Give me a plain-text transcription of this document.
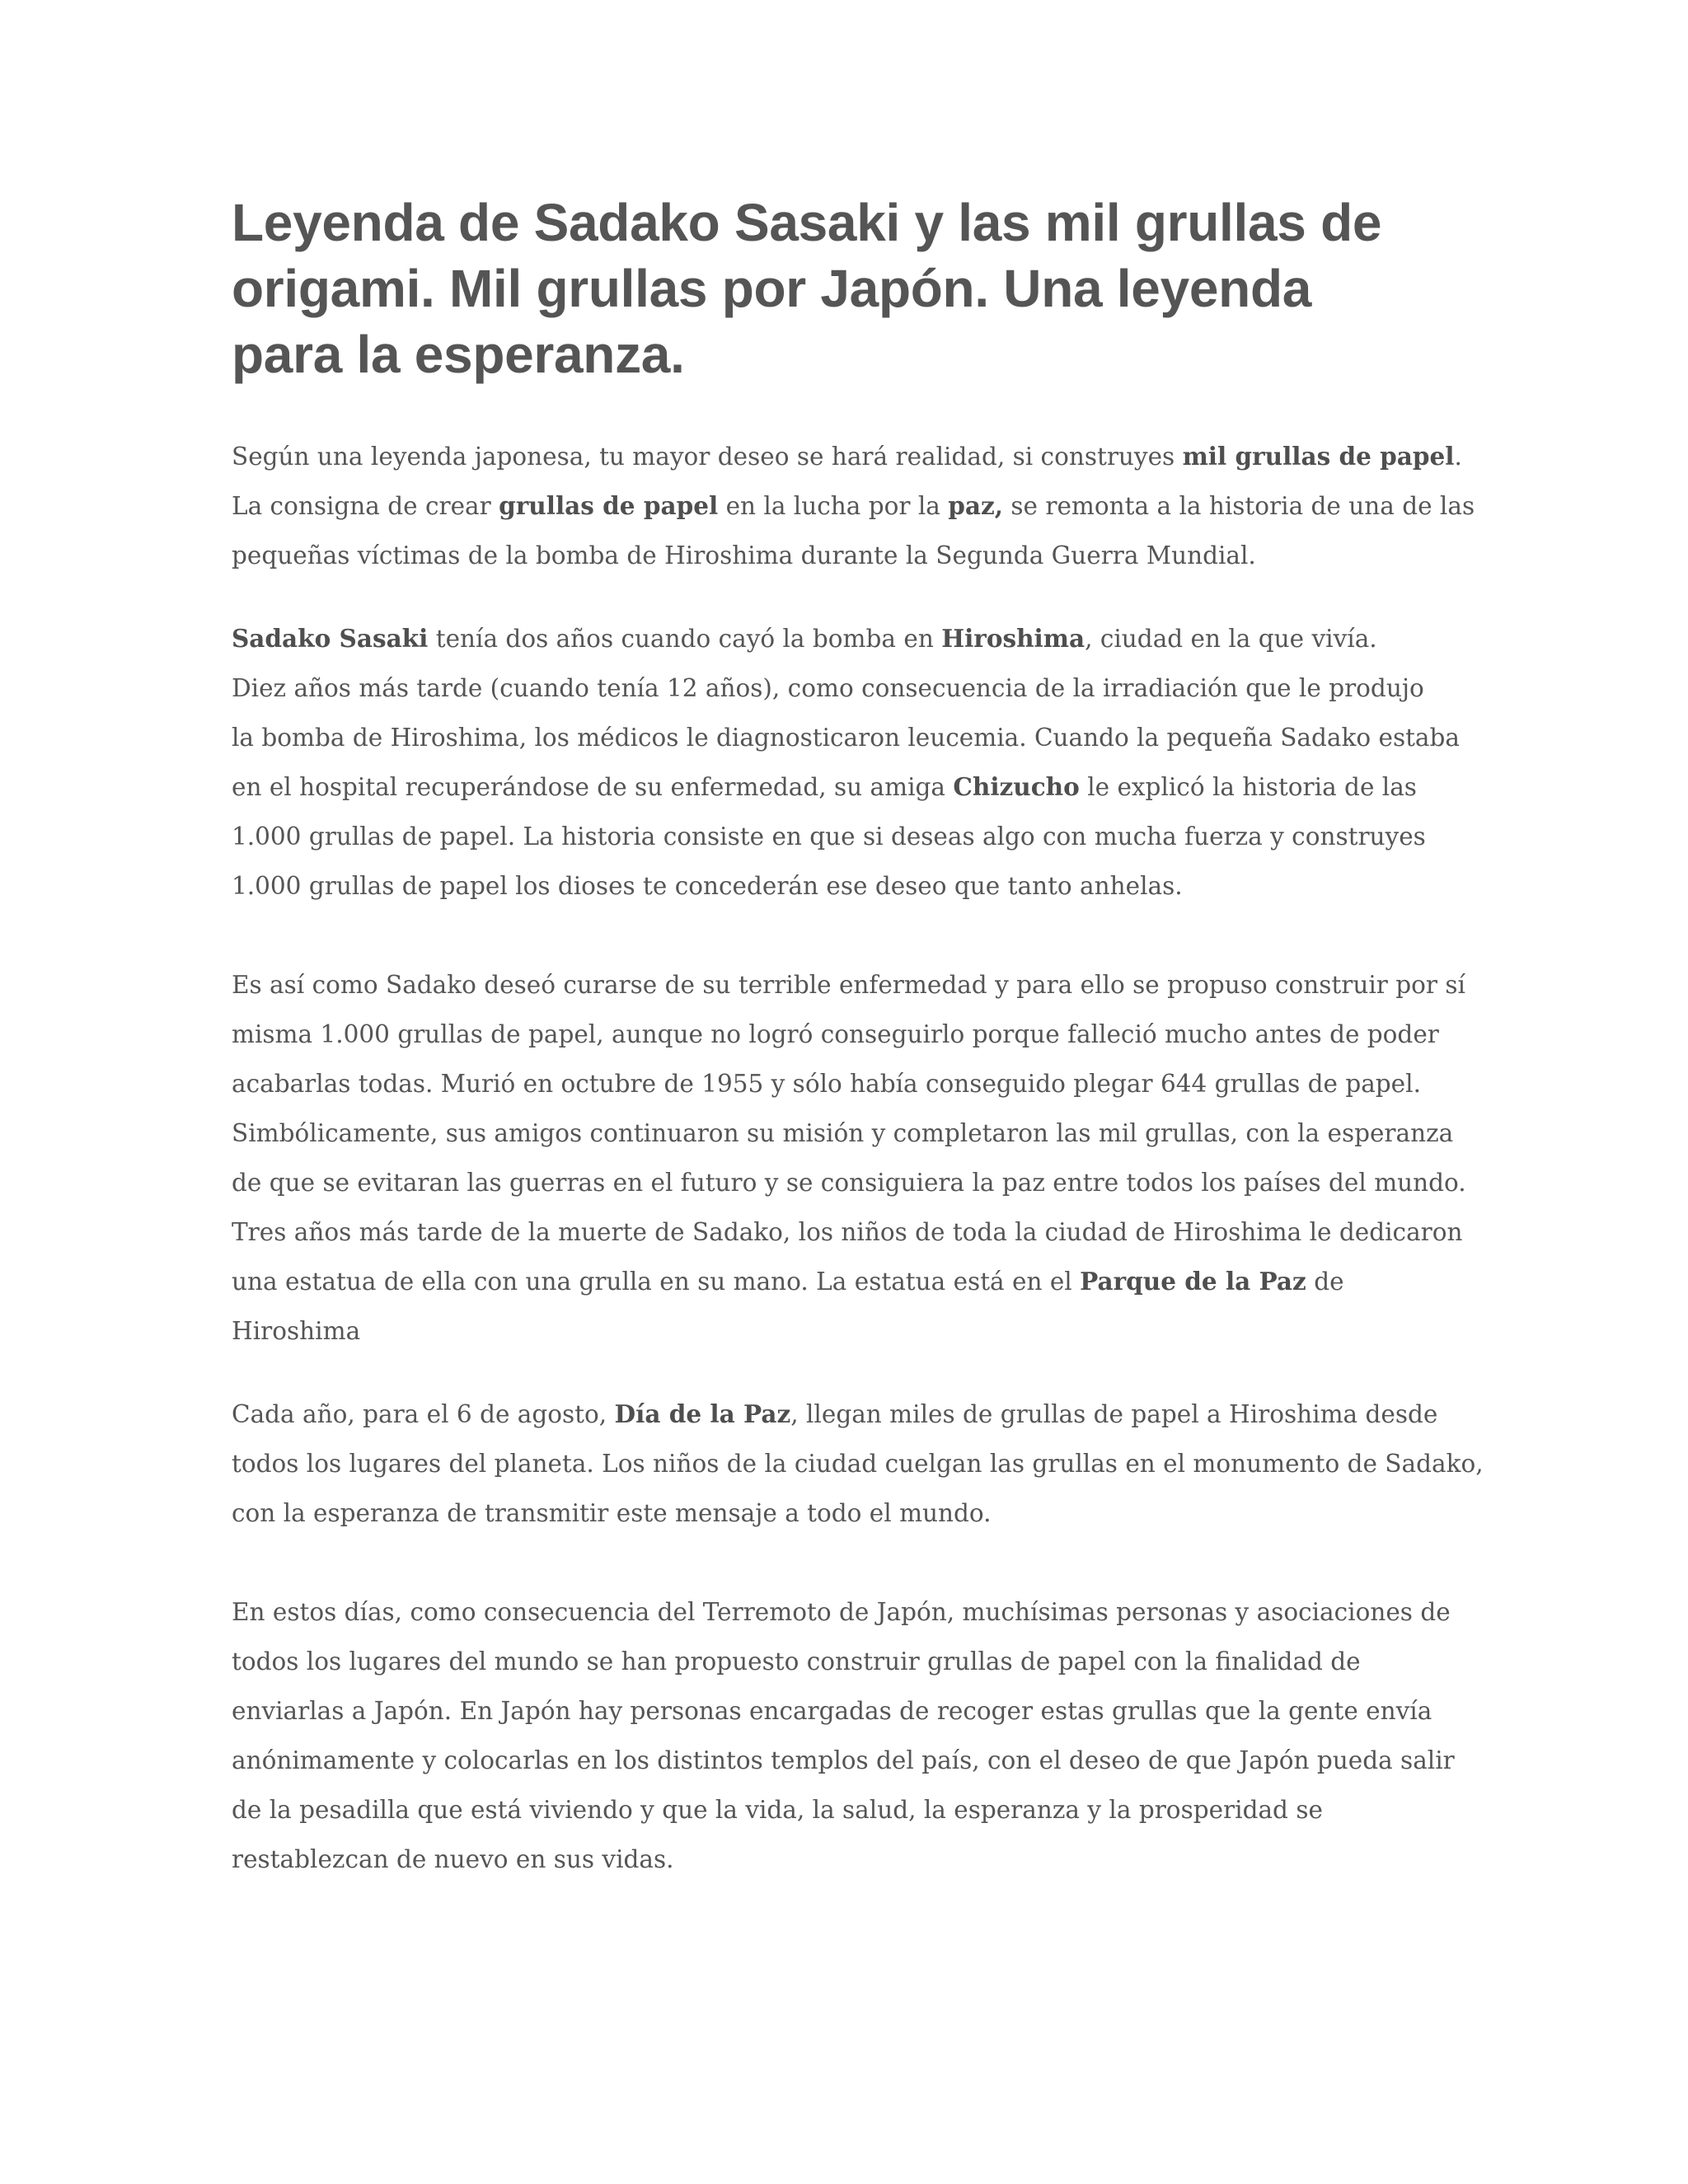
Leyenda de Sadako Sasaki y las mil grullas de
origami. Mil grullas por Japón. Una leyenda
para la esperanza.

Según una leyenda japonesa, tu mayor deseo se hará realidad, si construyes mil grullas de papel.
La consigna de crear grullas de papel en la lucha por la paz, se remonta a la historia de una de las
pequeñas víctimas de la bomba de Hiroshima durante la Segunda Guerra Mundial.

Sadako Sasaki tenía dos años cuando cayó la bomba en Hiroshima, ciudad en la que vivía.
Diez años más tarde (cuando tenía 12 años), como consecuencia de la irradiación que le produjo
la bomba de Hiroshima, los médicos le diagnosticaron leucemia. Cuando la pequeña Sadako estaba
en el hospital recuperándose de su enfermedad, su amiga Chizucho le explicó la historia de las
1.000 grullas de papel. La historia consiste en que si deseas algo con mucha fuerza y construyes
1.000 grullas de papel los dioses te concederán ese deseo que tanto anhelas.

Es así como Sadako deseó curarse de su terrible enfermedad y para ello se propuso construir por sí
misma 1.000 grullas de papel, aunque no logró conseguirlo porque falleció mucho antes de poder
acabarlas todas. Murió en octubre de 1955 y sólo había conseguido plegar 644 grullas de papel.
Simbólicamente, sus amigos continuaron su misión y completaron las mil grullas, con la esperanza
de que se evitaran las guerras en el futuro y se consiguiera la paz entre todos los países del mundo.
Tres años más tarde de la muerte de Sadako, los niños de toda la ciudad de Hiroshima le dedicaron
una estatua de ella con una grulla en su mano. La estatua está en el Parque de la Paz de
Hiroshima

Cada año, para el 6 de agosto, Día de la Paz, llegan miles de grullas de papel a Hiroshima desde
todos los lugares del planeta. Los niños de la ciudad cuelgan las grullas en el monumento de Sadako,
con la esperanza de transmitir este mensaje a todo el mundo.

En estos días, como consecuencia del Terremoto de Japón, muchísimas personas y asociaciones de
todos los lugares del mundo se han propuesto construir grullas de papel con la finalidad de
enviarlas a Japón. En Japón hay personas encargadas de recoger estas grullas que la gente envía
anónimamente y colocarlas en los distintos templos del país, con el deseo de que Japón pueda salir
de la pesadilla que está viviendo y que la vida, la salud, la esperanza y la prosperidad se
restablezcan de nuevo en sus vidas.
